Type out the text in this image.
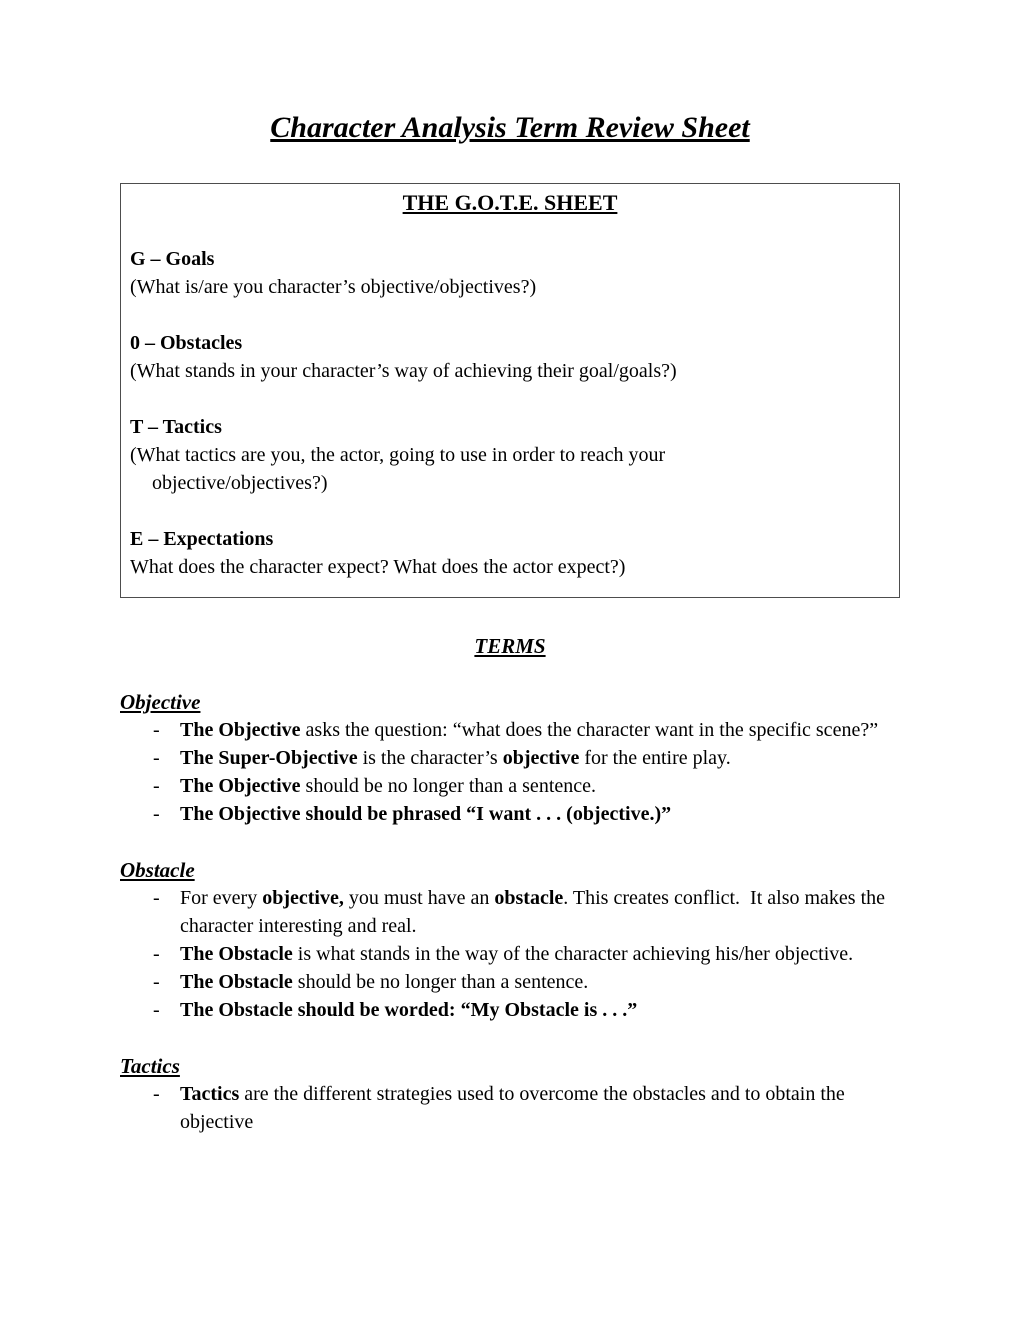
Character Analysis Term Review Sheet
THE G.O.T.E. SHEET
G – Goals
(What is/are you character’s objective/objectives?)
0 – Obstacles
(What stands in your character’s way of achieving their goal/goals?)
T – Tactics
(What tactics are you, the actor, going to use in order to reach your
objective/objectives?)
E – Expectations
What does the character expect? What does the actor expect?)
TERMS
Objective
-	The Objective asks the question: “what does the character want in the specific scene?”
-	The Super-Objective is the character’s objective for the entire play.
-	The Objective should be no longer than a sentence.
-	The Objective should be phrased “I want . . . (objective.)”
Obstacle
-	For every objective, you must have an obstacle. This creates conflict.  It also makes the character interesting and real.
-	The Obstacle is what stands in the way of the character achieving his/her objective.
-	The Obstacle should be no longer than a sentence.
-	The Obstacle should be worded: “My Obstacle is . . .”
Tactics
-	Tactics are the different strategies used to overcome the obstacles and to obtain the objective
